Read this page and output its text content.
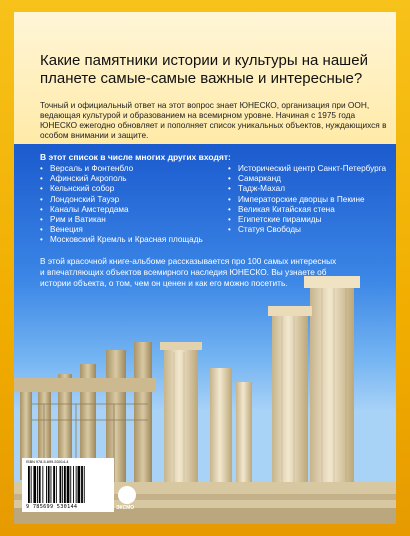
Какие памятники истории и культуры на нашей планете самые-самые важные и интересные?
Точный и официальный ответ на этот вопрос знает ЮНЕСКО, организация при ООН, ведающая культурой и образованием на всемирном уровне. Начиная с 1975 года ЮНЕСКО ежегодно обновляет и пополняет список уникальных объектов, нуждающихся в особом внимании и защите.
В этот список в числе многих других входят:
• Версаль и Фонтенбло
• Афинский Акрополь
• Кельнский собор
• Лондонский Тауэр
• Каналы Амстердама
• Рим и Ватикан
• Венеция
• Московский Кремль и Красная площадь
• Исторический центр Санкт-Петербурга
• Самарканд
• Тадж-Махал
• Императорские дворцы в Пекине
• Великая Китайская стена
• Египетские пирамиды
• Статуя Свободы
В этой красочной книге-альбоме рассказывается про 100 самых интересных и впечатляющих объектов всемирного наследия ЮНЕСКО. Вы узнаете об истории объекта, о том, чем он ценен и как его можно посетить.
ISBN 978-5-699-53014-4
9 785699 530144	ЭКСМО
